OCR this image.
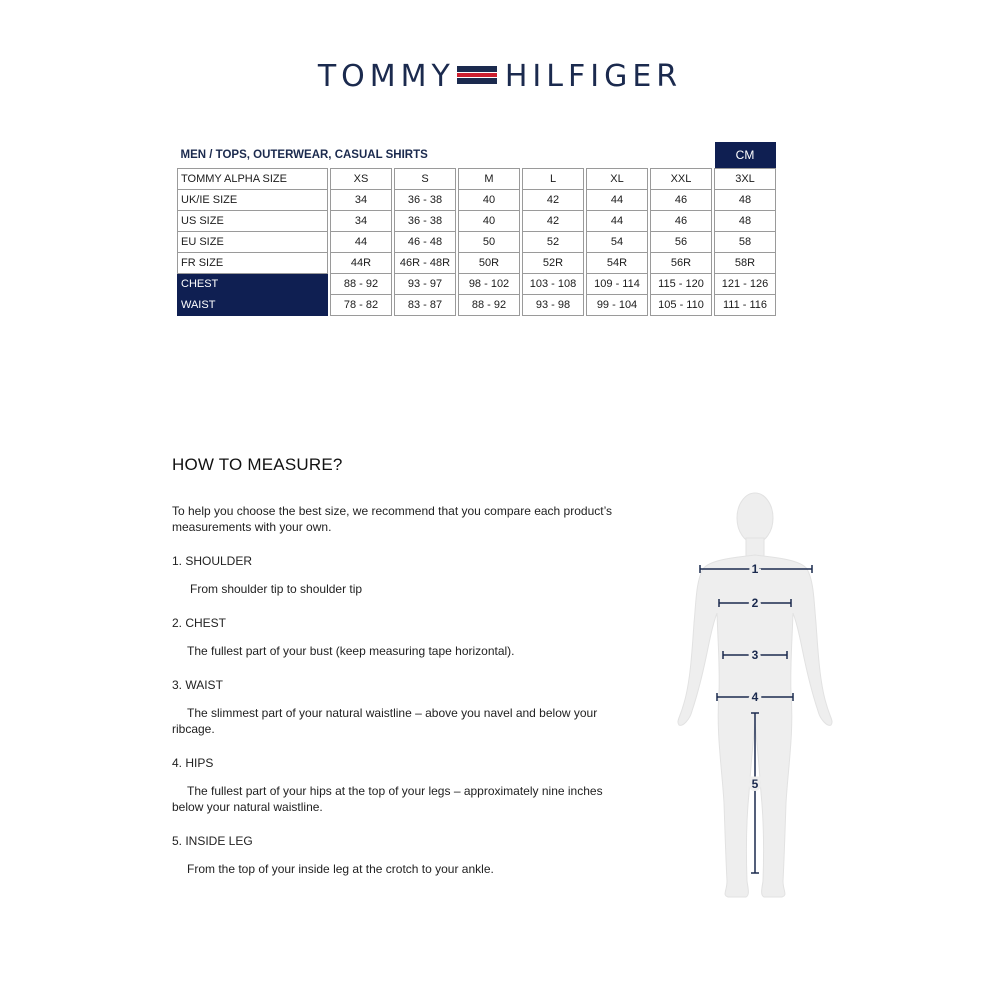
TOMMY HILFIGER
MEN / TOPS, OUTERWEAR, CASUAL SHIRTS														CM
TOMMY ALPHA SIZE		XS		S		M		L		XL		XXL		3XL
UK/IE SIZE		34		36 - 38		40		42		44		46		48
US SIZE		34		36 - 38		40		42		44		46		48
EU SIZE		44		46 - 48		50		52		54		56		58
FR SIZE		44R		46R - 48R		50R		52R		54R		56R		58R
CHEST		88 - 92		93 - 97		98 - 102		103 - 108		109 - 114		115 - 120		121 - 126
WAIST		78 - 82		83 - 87		88 - 92		93 - 98		99 - 104		105 - 110		111 - 116
HOW TO MEASURE?

To help you choose the best size, we recommend that you compare each product’s measurements with your own.

1. SHOULDER

From shoulder tip to shoulder tip

2. CHEST

The fullest part of your bust (keep measuring tape horizontal).

3. WAIST

The slimmest part of your natural waistline – above you navel and below your ribcage.

4. HIPS

The fullest part of your hips at the top of your legs – approximately nine inches below your natural waistline.

5. INSIDE LEG

From the top of your inside leg at the crotch to your ankle.

1
2
3
4
5
